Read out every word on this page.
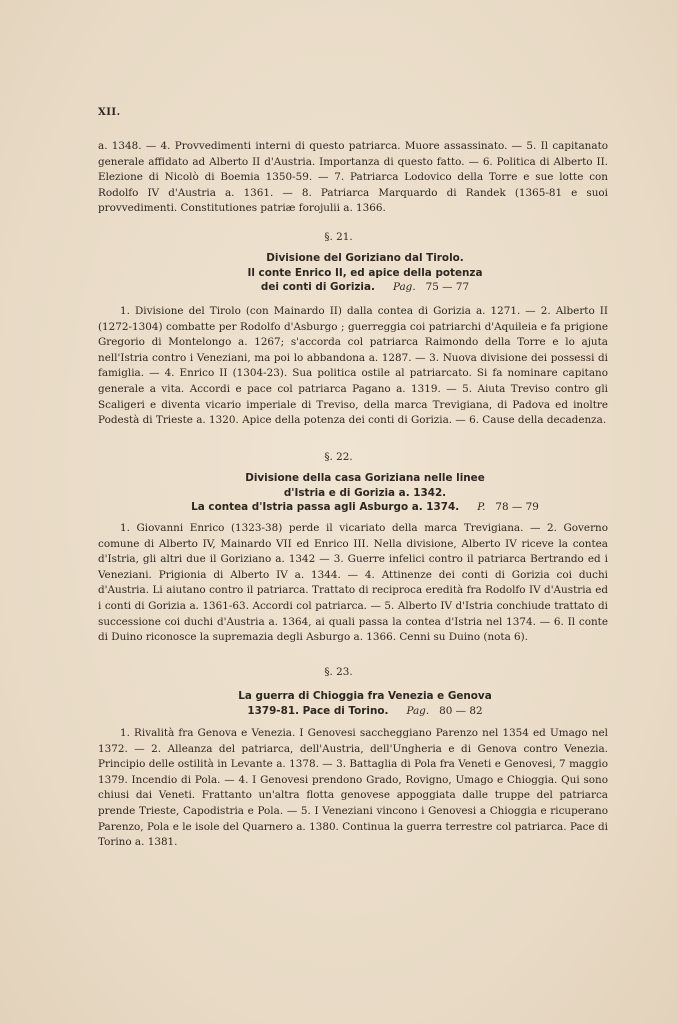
XII.
a. 1348. — 4. Provvedimenti interni di questo patriarca. Muore assassinato. — 5. Il capitanato generale affidato ad Alberto II d'Austria. Importanza di questo fatto. — 6. Politica di Alberto II. Elezione di Nicolò di Boemia 1350-59. — 7. Patriarca Lodovico della Torre e sue lotte con Rodolfo IV d'Austria a. 1361. — 8. Patriarca Marquardo di Randek (1365-81 e suoi provvedimenti. Constitutiones patriæ forojulii a. 1366.
§. 21.
Divisione del Goriziano dal Tirolo.
Il conte Enrico II, ed apice della potenza
dei conti di Gorizia. Pag. 75 — 77
1. Divisione del Tirolo (con Mainardo II) dalla contea di Gorizia a. 1271. — 2. Alberto II (1272-1304) combatte per Rodolfo d'Asburgo ; guerreggia coi patriarchi d'Aquileia e fa prigione Gregorio di Montelongo a. 1267; s'accorda col patriarca Raimondo della Torre e lo ajuta nell'Istria contro i Veneziani, ma poi lo abbandona a. 1287. — 3. Nuova divisione dei possessi di famiglia. — 4. Enrico II (1304-23). Sua politica ostile al patriarcato. Si fa nominare capitano generale a vita. Accordi e pace col patriarca Pagano a. 1319. — 5. Aiuta Treviso contro gli Scaligeri e diventa vicario imperiale di Treviso, della marca Trevigiana, di Padova ed inoltre Podestà di Trieste a. 1320. Apice della potenza dei conti di Gorizia. — 6. Cause della decadenza.
§. 22.
Divisione della casa Goriziana nelle linee
d'Istria e di Gorizia a. 1342.
La contea d'Istria passa agli Asburgo a. 1374. P. 78 — 79
1. Giovanni Enrico (1323-38) perde il vicariato della marca Trevigiana. — 2. Governo comune di Alberto IV, Mainardo VII ed Enrico III. Nella divisione, Alberto IV riceve la contea d'Istria, gli altri due il Goriziano a. 1342 — 3. Guerre infelici contro il patriarca Bertrando ed i Veneziani. Prigionia di Alberto IV a. 1344. — 4. Attinenze dei conti di Gorizia coi duchi d'Austria. Li aiutano contro il patriarca. Trattato di reciproca eredità fra Rodolfo IV d'Austria ed i conti di Gorizia a. 1361-63. Accordi col patriarca. — 5. Alberto IV d'Istria conchiude trattato di successione coi duchi d'Austria a. 1364, ai quali passa la contea d'Istria nel 1374. — 6. Il conte di Duino riconosce la supremazia degli Asburgo a. 1366. Cenni su Duino (nota 6).
§. 23.
La guerra di Chioggia fra Venezia e Genova
1379-81. Pace di Torino. Pag. 80 — 82
1. Rivalità fra Genova e Venezia. I Genovesi saccheggiano Parenzo nel 1354 ed Umago nel 1372. — 2. Alleanza del patriarca, dell'Austria, dell'Ungheria e di Genova contro Venezia. Principio delle ostilità in Levante a. 1378. — 3. Battaglia di Pola fra Veneti e Genovesi, 7 maggio 1379. Incendio di Pola. — 4. I Genovesi prendono Grado, Rovigno, Umago e Chioggia. Qui sono chiusi dai Veneti. Frattanto un'altra flotta genovese appoggiata dalle truppe del patriarca prende Trieste, Capodistria e Pola. — 5. I Veneziani vincono i Genovesi a Chioggia e ricuperano Parenzo, Pola e le isole del Quarnero a. 1380. Continua la guerra terrestre col patriarca. Pace di Torino a. 1381.
